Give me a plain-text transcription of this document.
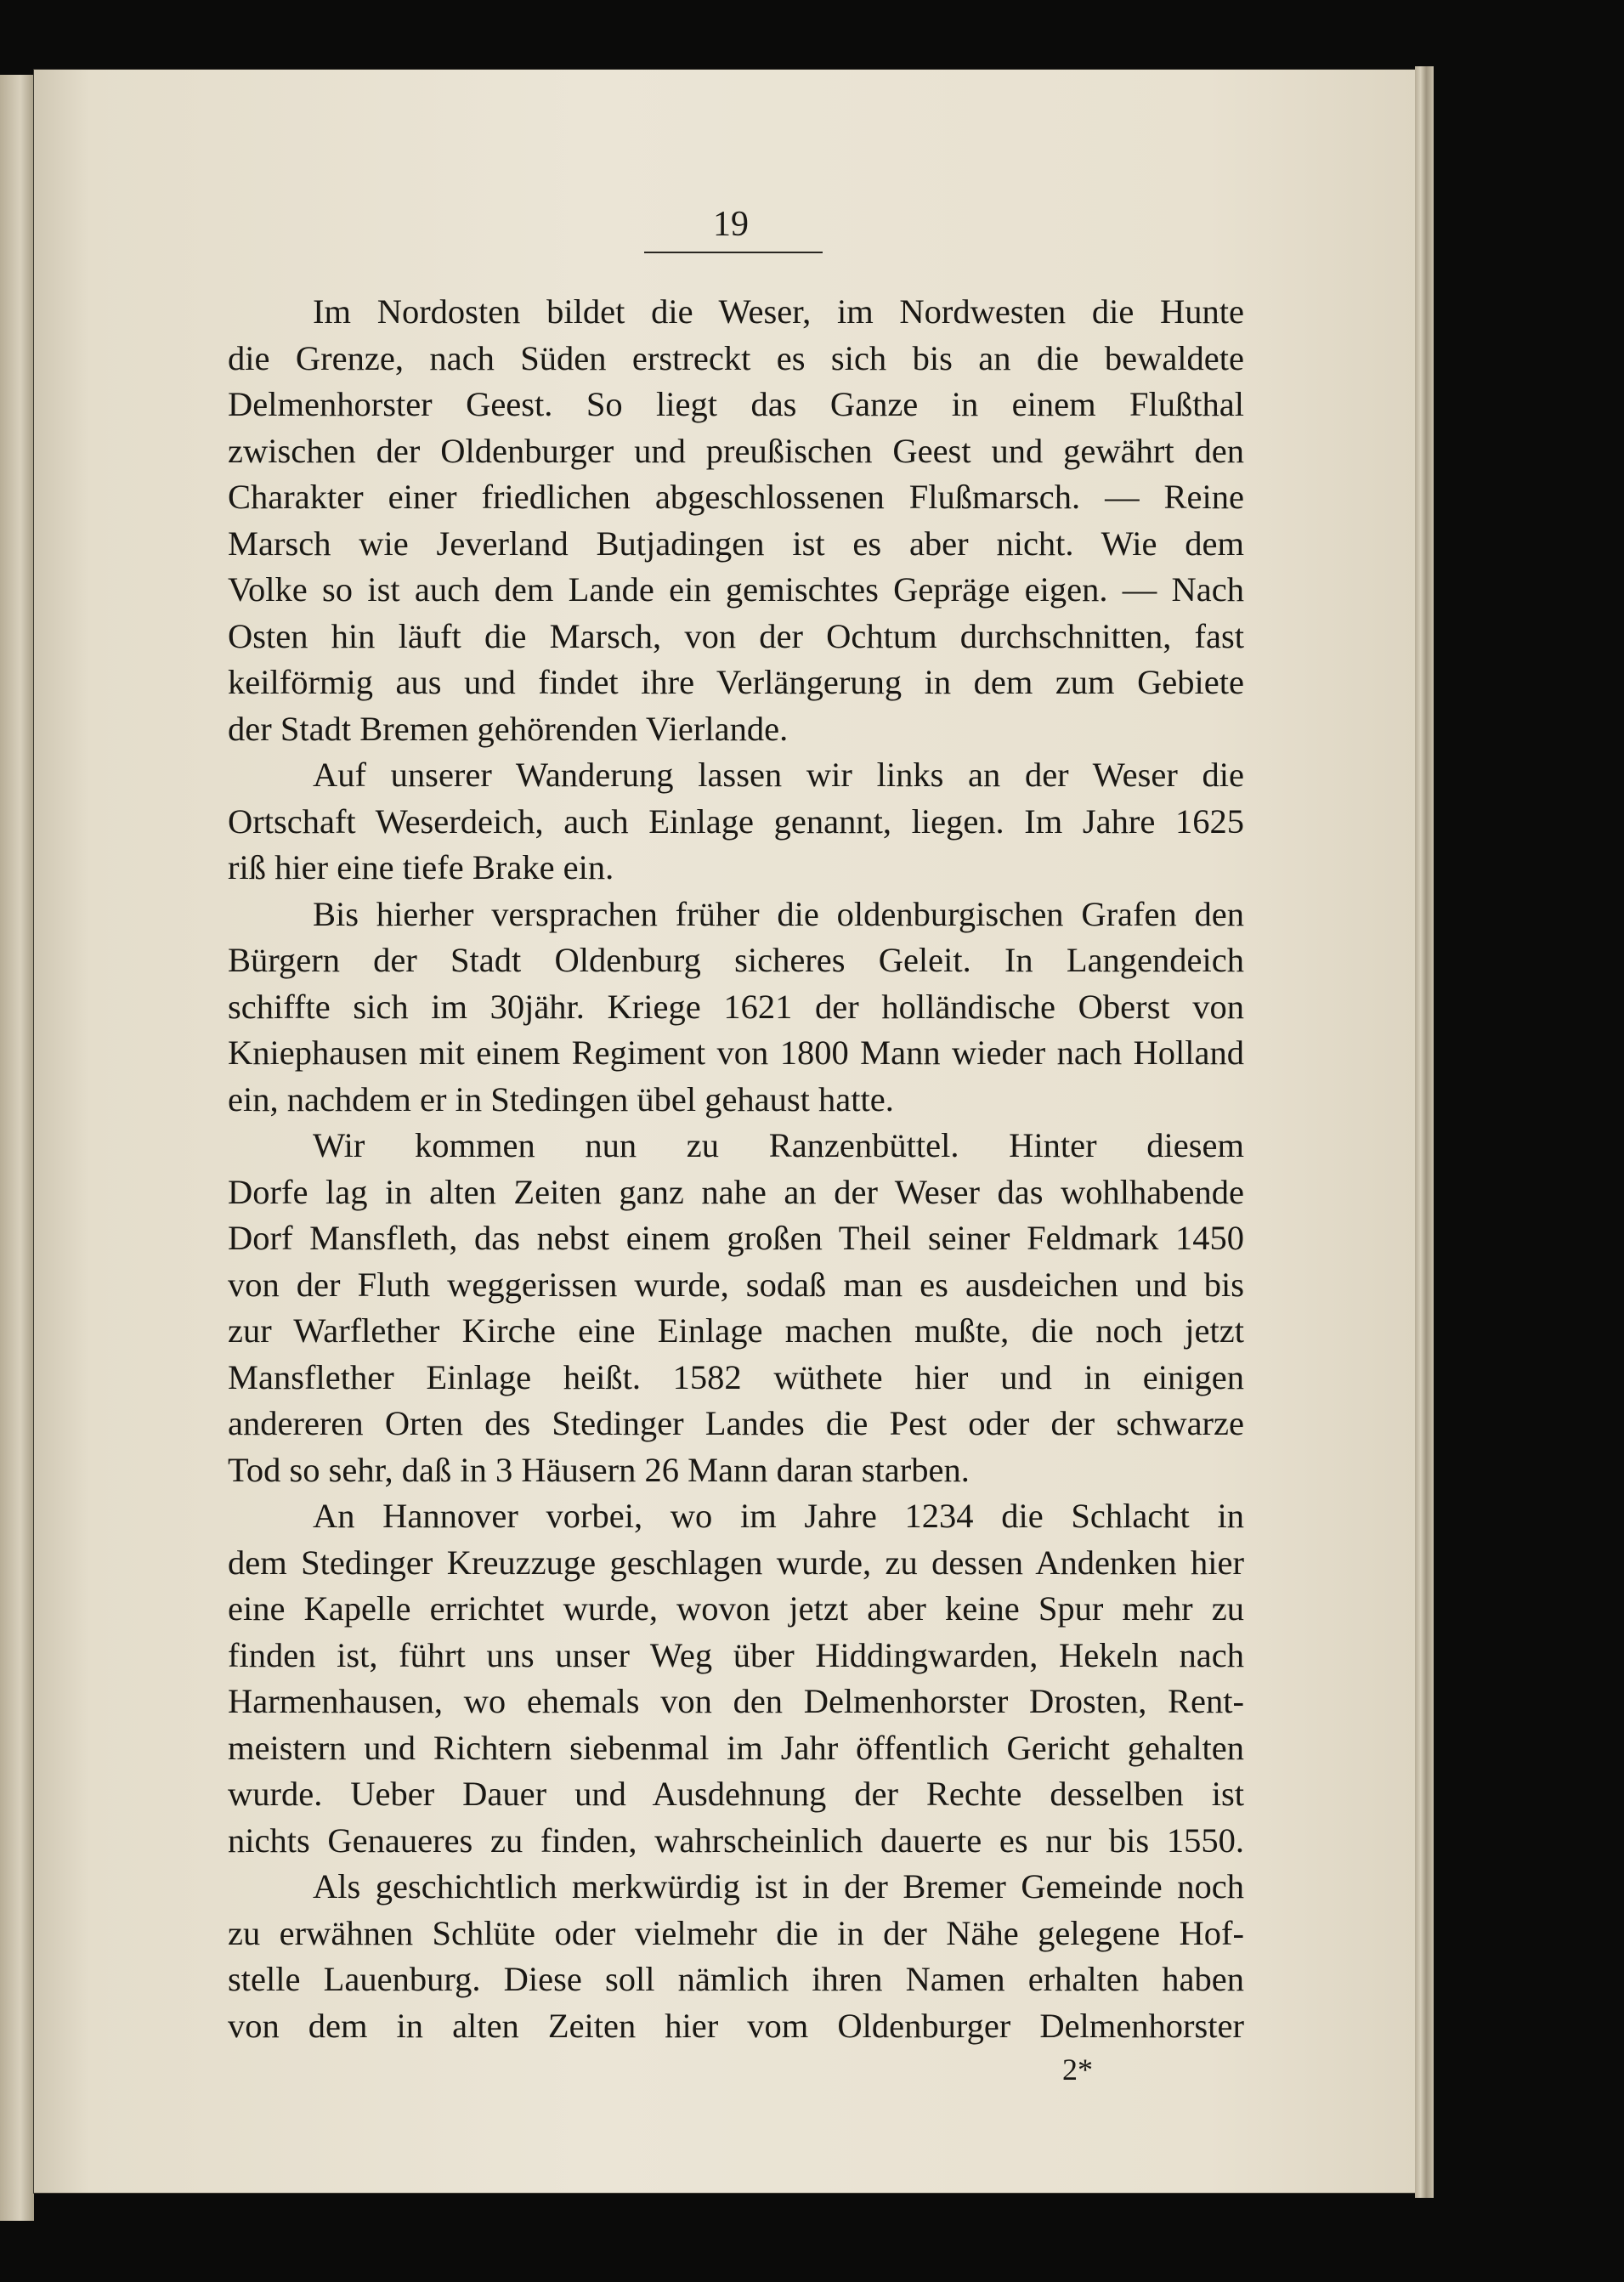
19
Im Nordosten bildet die Weser, im Nordwesten die Hunte
die Grenze, nach Süden erstreckt es sich bis an die bewaldete
Delmenhorster Geest. So liegt das Ganze in einem Flußthal
zwischen der Oldenburger und preußischen Geest und gewährt den
Charakter einer friedlichen abgeschlossenen Flußmarsch. — Reine
Marsch wie Jeverland Butjadingen ist es aber nicht. Wie dem
Volke so ist auch dem Lande ein gemischtes Gepräge eigen. — Nach
Osten hin läuft die Marsch, von der Ochtum durchschnitten, fast
keilförmig aus und findet ihre Verlängerung in dem zum Gebiete
der Stadt Bremen gehörenden Vierlande.
Auf unserer Wanderung lassen wir links an der Weser die
Ortschaft Weserdeich, auch Einlage genannt, liegen. Im Jahre 1625
riß hier eine tiefe Brake ein.
Bis hierher versprachen früher die oldenburgischen Grafen den
Bürgern der Stadt Oldenburg sicheres Geleit. In Langendeich
schiffte sich im 30jähr. Kriege 1621 der holländische Oberst von
Kniephausen mit einem Regiment von 1800 Mann wieder nach Holland
ein, nachdem er in Stedingen übel gehaust hatte.
Wir kommen nun zu Ranzenbüttel. Hinter diesem
Dorfe lag in alten Zeiten ganz nahe an der Weser das wohlhabende
Dorf Mansfleth, das nebst einem großen Theil seiner Feldmark 1450
von der Fluth weggerissen wurde, sodaß man es ausdeichen und bis
zur Warflether Kirche eine Einlage machen mußte, die noch jetzt
Mansflether Einlage heißt. 1582 wüthete hier und in einigen
andereren Orten des Stedinger Landes die Pest oder der schwarze
Tod so sehr, daß in 3 Häusern 26 Mann daran starben.
An Hannover vorbei, wo im Jahre 1234 die Schlacht in
dem Stedinger Kreuzzuge geschlagen wurde, zu dessen Andenken hier
eine Kapelle errichtet wurde, wovon jetzt aber keine Spur mehr zu
finden ist, führt uns unser Weg über Hiddingwarden, Hekeln nach
Harmenhausen, wo ehemals von den Delmenhorster Drosten, Rent-
meistern und Richtern siebenmal im Jahr öffentlich Gericht gehalten
wurde. Ueber Dauer und Ausdehnung der Rechte desselben ist
nichts Genaueres zu finden, wahrscheinlich dauerte es nur bis 1550.
Als geschichtlich merkwürdig ist in der Bremer Gemeinde noch
zu erwähnen Schlüte oder vielmehr die in der Nähe gelegene Hof-
stelle Lauenburg. Diese soll nämlich ihren Namen erhalten haben
von dem in alten Zeiten hier vom Oldenburger Delmenhorster
2*
